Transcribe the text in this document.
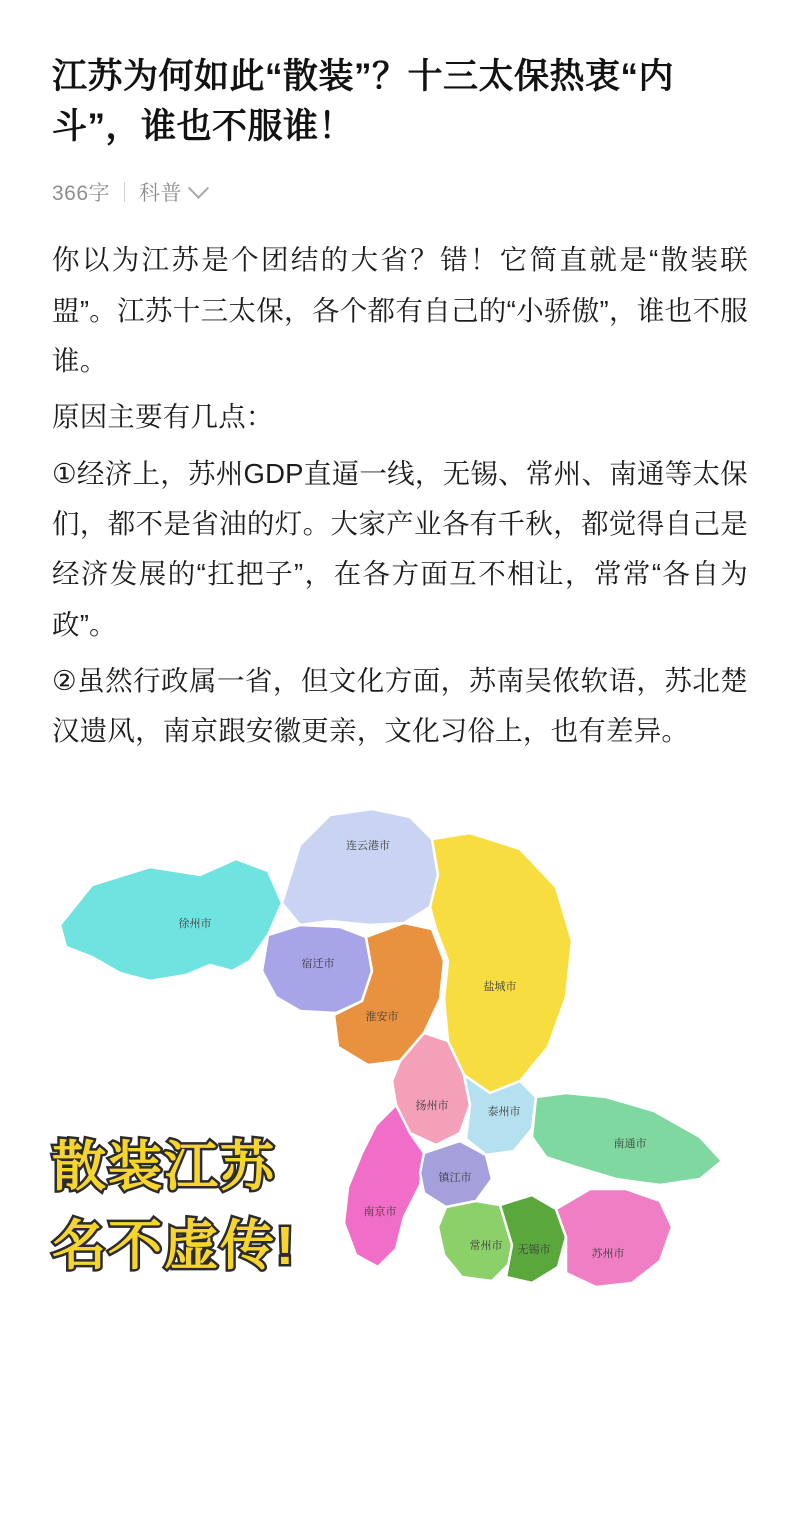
江苏为何如此“散装”？十三太保热衷“内斗”，谁也不服谁！
366字 科普

你以为江苏是个团结的大省？错！它简直就是“散装联盟”。江苏十三太保，各个都有自己的“小骄傲”，谁也不服谁。

原因主要有几点：

①经济上，苏州GDP直逼一线，无锡、常州、南通等太保们，都不是省油的灯。大家产业各有千秋，都觉得自己是经济发展的“扛把子”，在各方面互不相让，常常“各自为政”。

②虽然行政属一省，但文化方面，苏南吴侬软语，苏北楚汉遗风，南京跟安徽更亲，文化习俗上，也有差异。

徐州市
连云港市
宿迁市
淮安市
盐城市
扬州市	泰州市
南通市
南京市
镇江市
常州市 无锡市	苏州市
散装江苏
名不虚传!
